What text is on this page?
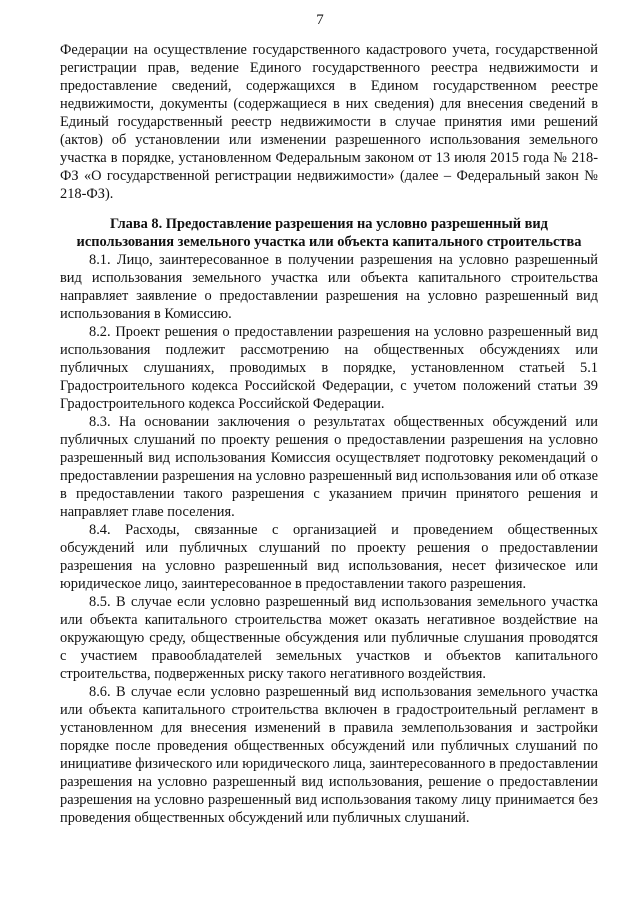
7

Федерации на осуществление государственного кадастрового учета, государственной регистрации прав, ведение Единого государственного реестра недвижимости и предоставление сведений, содержащихся в Едином государственном реестре недвижимости, документы (содержащиеся в них сведения) для внесения сведений в Единый государственный реестр недвижимости в случае принятия ими решений (актов) об установлении или изменении разрешенного использования земельного участка в порядке, установленном Федеральным законом от 13 июля 2015 года № 218-ФЗ «О государственной регистрации недвижимости» (далее – Федеральный закон № 218-ФЗ).

Глава 8. Предоставление разрешения на условно разрешенный вид использования земельного участка или объекта капитального строительства

8.1. Лицо, заинтересованное в получении разрешения на условно разрешенный вид использования земельного участка или объекта капитального строительства направляет заявление о предоставлении разрешения на условно разрешенный вид использования в Комиссию.

8.2. Проект решения о предоставлении разрешения на условно разрешенный вид использования подлежит рассмотрению на общественных обсуждениях или публичных слушаниях, проводимых в порядке, установленном статьей 5.1 Градостроительного кодекса Российской Федерации, с учетом положений статьи 39 Градостроительного кодекса Российской Федерации.

8.3. На основании заключения о результатах общественных обсуждений или публичных слушаний по проекту решения о предоставлении разрешения на условно разрешенный вид использования Комиссия осуществляет подготовку рекомендаций о предоставлении разрешения на условно разрешенный вид использования или об отказе в предоставлении такого разрешения с указанием причин принятого решения и направляет главе поселения.

8.4. Расходы, связанные с организацией и проведением общественных обсуждений или публичных слушаний по проекту решения о предоставлении разрешения на условно разрешенный вид использования, несет физическое или юридическое лицо, заинтересованное в предоставлении такого разрешения.

8.5. В случае если условно разрешенный вид использования земельного участка или объекта капитального строительства может оказать негативное воздействие на окружающую среду, общественные обсуждения или публичные слушания проводятся с участием правообладателей земельных участков и объектов капитального строительства, подверженных риску такого негативного воздействия.

8.6. В случае если условно разрешенный вид использования земельного участка или объекта капитального строительства включен в градостроительный регламент в установленном для внесения изменений в правила землепользования и застройки порядке после проведения общественных обсуждений или публичных слушаний по инициативе физического или юридического лица, заинтересованного в предоставлении разрешения на условно разрешенный вид использования, решение о предоставлении разрешения на условно разрешенный вид использования такому лицу принимается без проведения общественных обсуждений или публичных слушаний.
